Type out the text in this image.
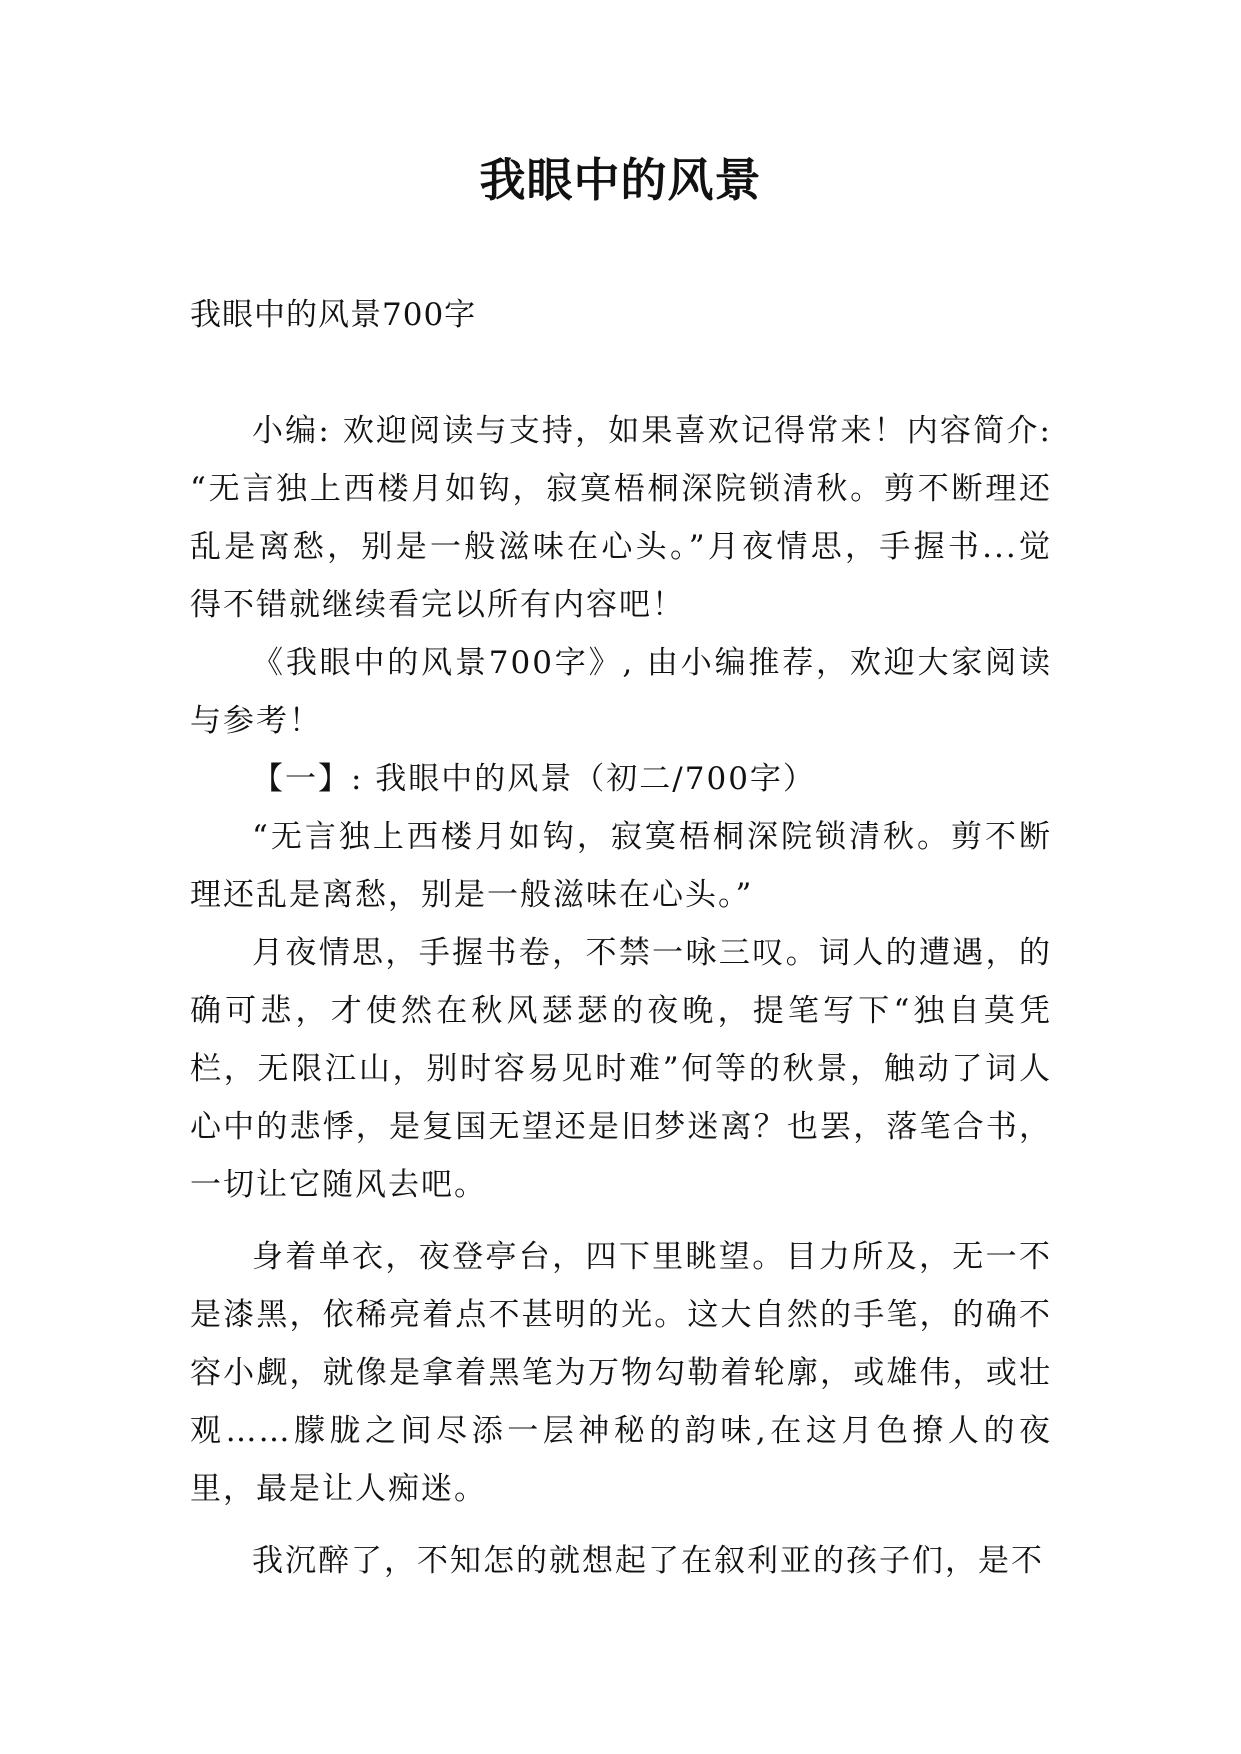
我眼中的风景

我眼中的风景700字

小编: 欢迎阅读与支持，如果喜欢记得常来！内容简介: “无言独上西楼月如钩，寂寞梧桐深院锁清秋。剪不断理还乱是离愁，别是一般滋味在心头。”月夜情思，手握书...觉得不错就继续看完以所有内容吧！

《我眼中的风景700字》, 由小编推荐，欢迎大家阅读与参考！

【一】: 我眼中的风景（初二/700字）

“无言独上西楼月如钩，寂寞梧桐深院锁清秋。剪不断理还乱是离愁，别是一般滋味在心头。”

月夜情思，手握书卷，不禁一咏三叹。词人的遭遇，的确可悲，才使然在秋风瑟瑟的夜晚，提笔写下“独自莫凭栏，无限江山，别时容易见时难”何等的秋景，触动了词人心中的悲悸，是复国无望还是旧梦迷离？也罢，落笔合书，一切让它随风去吧。

身着单衣，夜登亭台，四下里眺望。目力所及，无一不是漆黑，依稀亮着点不甚明的光。这大自然的手笔，的确不容小觑，就像是拿着黑笔为万物勾勒着轮廓，或雄伟，或壮观……朦胧之间尽添一层神秘的韵味,在这月色撩人的夜里，最是让人痴迷。

我沉醉了，不知怎的就想起了在叙利亚的孩子们，是不
